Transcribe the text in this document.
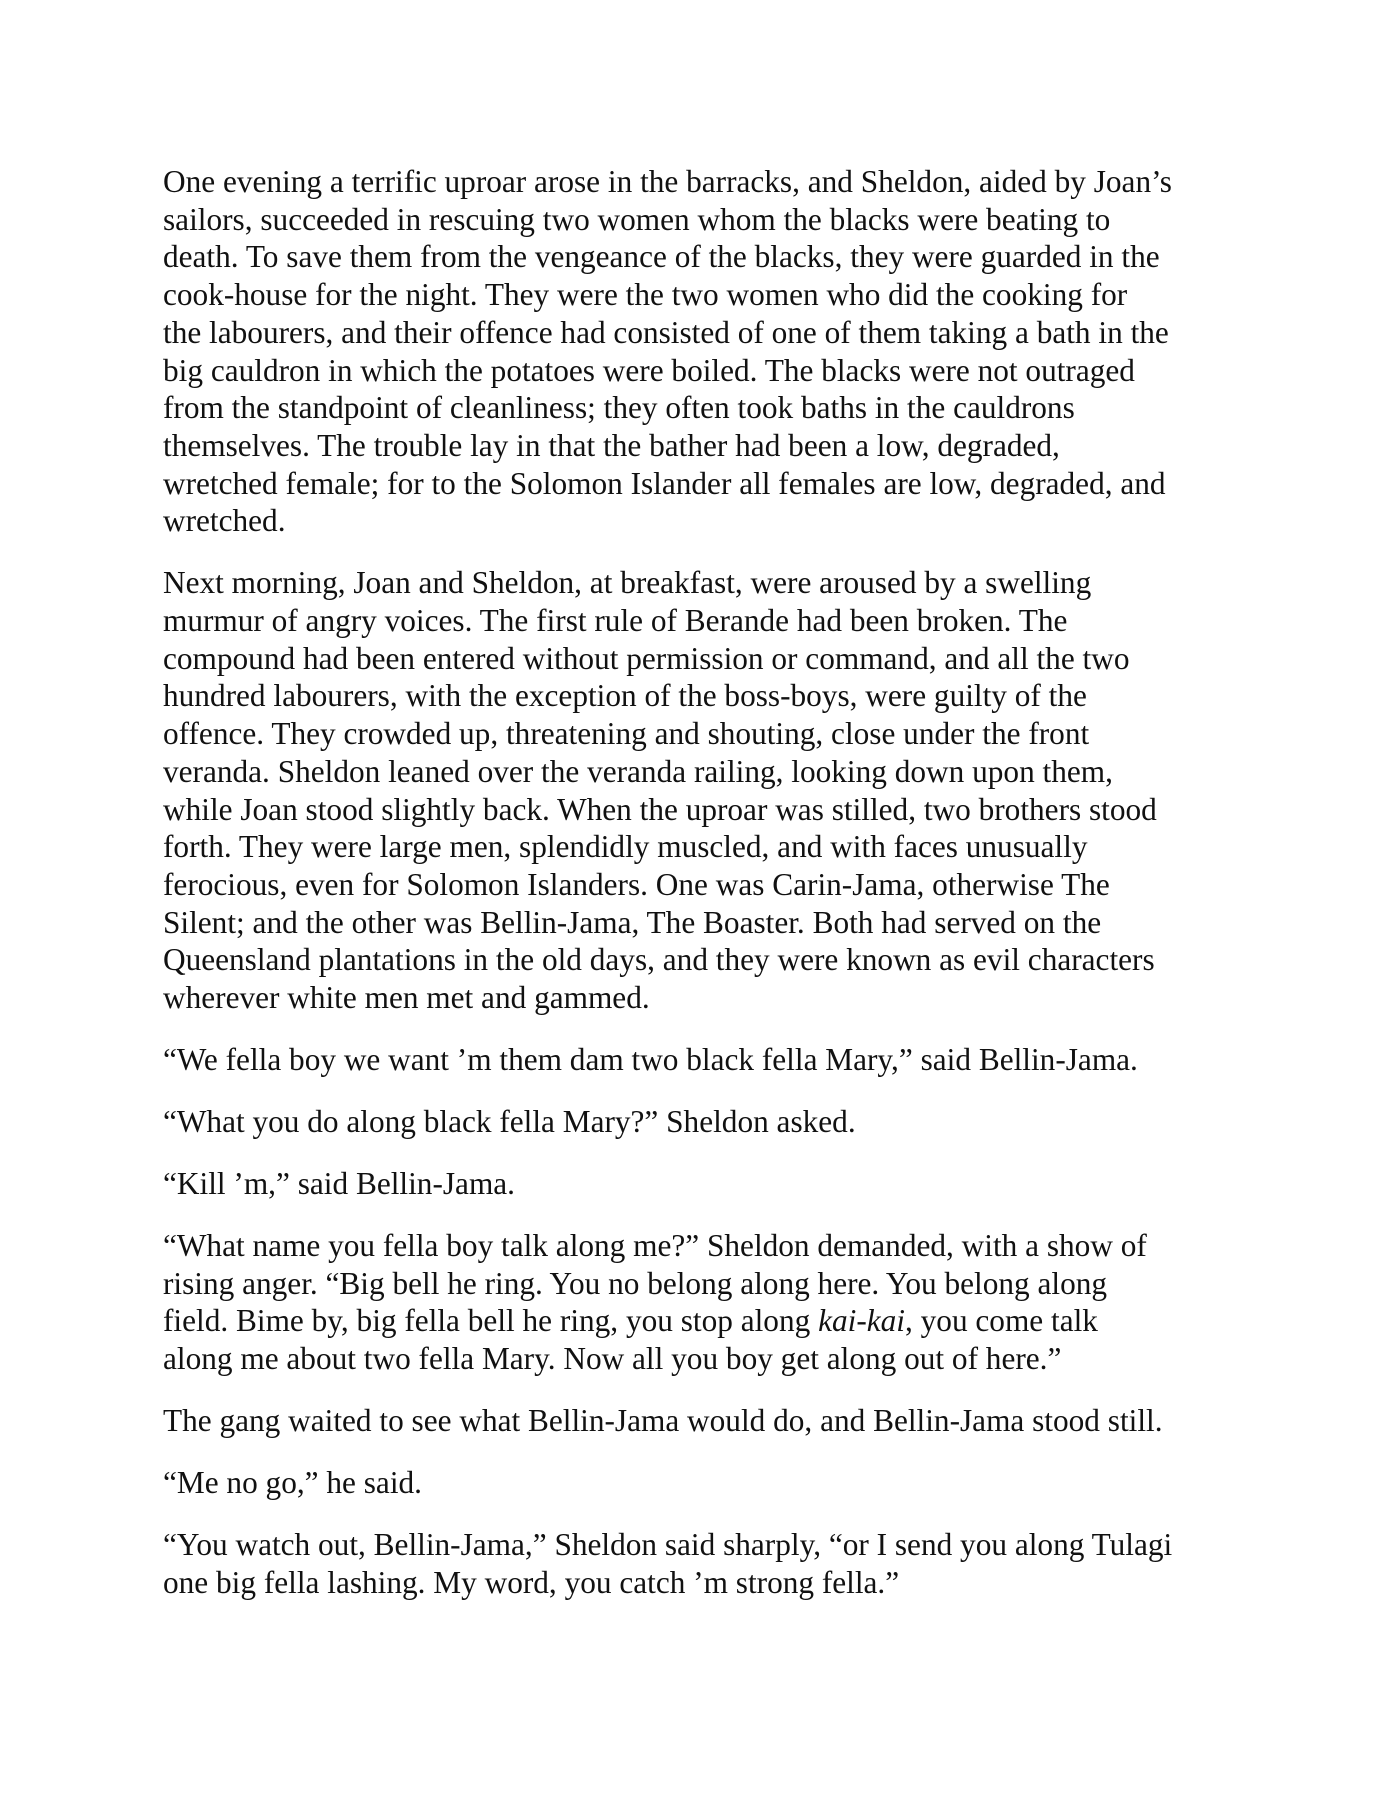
One evening a terrific uproar arose in the barracks, and Sheldon, aided by Joan’s
sailors, succeeded in rescuing two women whom the blacks were beating to
death. To save them from the vengeance of the blacks, they were guarded in the
cook-house for the night. They were the two women who did the cooking for
the labourers, and their offence had consisted of one of them taking a bath in the
big cauldron in which the potatoes were boiled. The blacks were not outraged
from the standpoint of cleanliness; they often took baths in the cauldrons
themselves. The trouble lay in that the bather had been a low, degraded,
wretched female; for to the Solomon Islander all females are low, degraded, and
wretched.

Next morning, Joan and Sheldon, at breakfast, were aroused by a swelling
murmur of angry voices. The first rule of Berande had been broken. The
compound had been entered without permission or command, and all the two
hundred labourers, with the exception of the boss-boys, were guilty of the
offence. They crowded up, threatening and shouting, close under the front
veranda. Sheldon leaned over the veranda railing, looking down upon them,
while Joan stood slightly back. When the uproar was stilled, two brothers stood
forth. They were large men, splendidly muscled, and with faces unusually
ferocious, even for Solomon Islanders. One was Carin-Jama, otherwise The
Silent; and the other was Bellin-Jama, The Boaster. Both had served on the
Queensland plantations in the old days, and they were known as evil characters
wherever white men met and gammed.

“We fella boy we want ’m them dam two black fella Mary,” said Bellin-Jama.

“What you do along black fella Mary?” Sheldon asked.

“Kill ’m,” said Bellin-Jama.

“What name you fella boy talk along me?” Sheldon demanded, with a show of
rising anger. “Big bell he ring. You no belong along here. You belong along
field. Bime by, big fella bell he ring, you stop along kai-kai, you come talk
along me about two fella Mary. Now all you boy get along out of here.”

The gang waited to see what Bellin-Jama would do, and Bellin-Jama stood still.

“Me no go,” he said.

“You watch out, Bellin-Jama,” Sheldon said sharply, “or I send you along Tulagi
one big fella lashing. My word, you catch ’m strong fella.”
